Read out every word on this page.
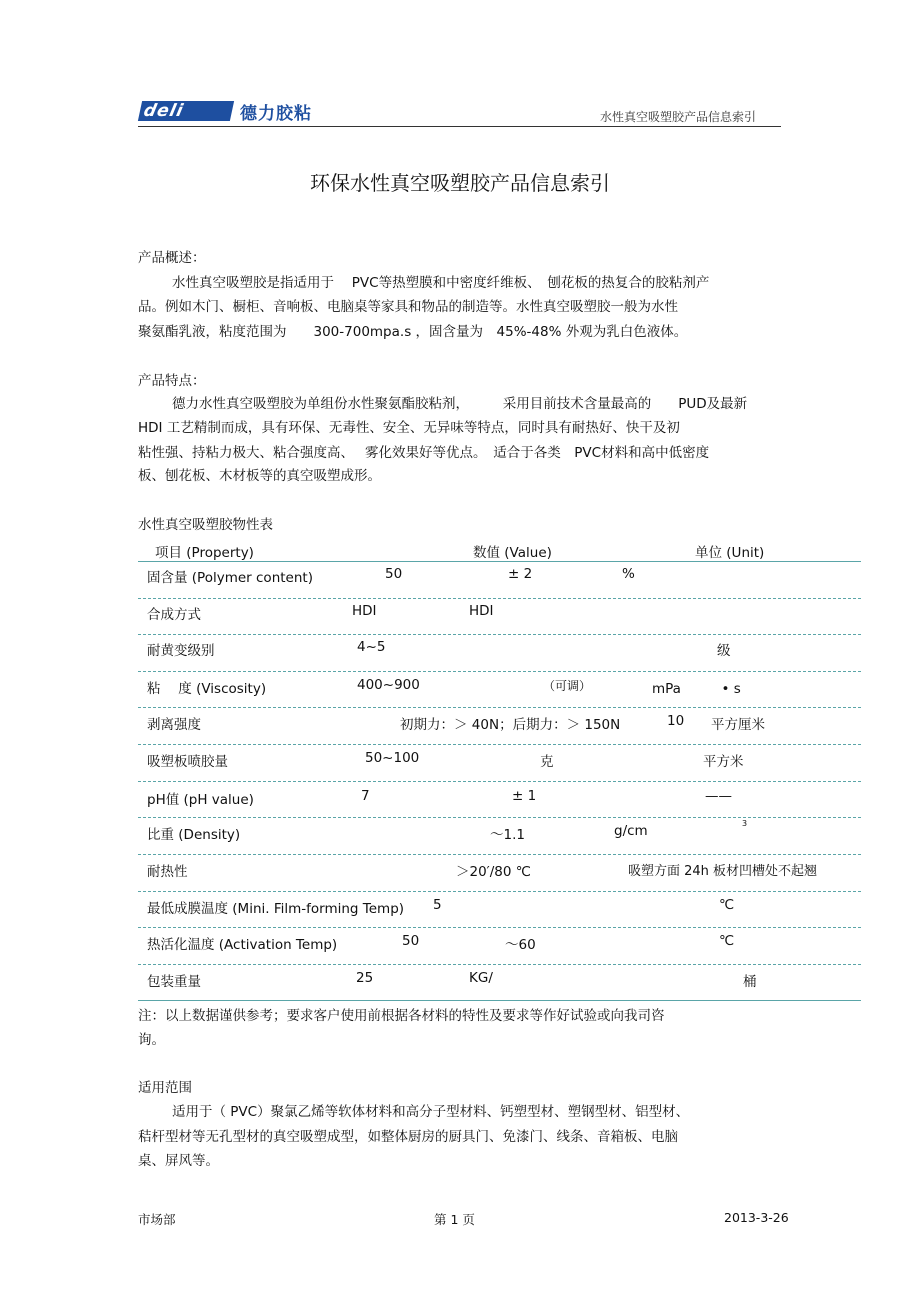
deli	德力胶粘	水性真空吸塑胶产品信息索引
环保水性真空吸塑胶产品信息索引
产品概述：
水性真空吸塑胶是指适用于　 PVC等热塑膜和中密度纤维板、　刨花板的热复合的胶粘剂产
品。例如木门、橱柜、音响板、电脑桌等家具和物品的制造等。水性真空吸塑胶一般为水性
聚氨酯乳液，粘度范围为　　300-700mpa.s ，固含量为　45%-48% 外观为乳白色液体。
产品特点：
德力水性真空吸塑胶为单组份水性聚氨酯胶粘剂，　　　采用目前技术含量最高的　　PUD及最新
HDI 工艺精制而成，具有环保、无毒性、安全、无异味等特点，同时具有耐热好、快干及初
粘性强、持粘力极大、粘合强度高、　 雾化效果好等优点。　适合于各类　PVC材料和高中低密度
板、刨花板、木材板等的真空吸塑成形。
水性真空吸塑胶物性表
项目 (Property)	数值 (Value)	单位 (Unit)
固含量 (Polymer content)	50	± 2	%
合成方式	HDI	HDI
耐黄变级别	4~5	级
粘　 度 (Viscosity)	400~900	（可调）	mPa　　　• s
剥离强度	初期力：＞ 40N；后期力：＞ 150N	10 平方厘米
吸塑板喷胶量	50~100	克	平方米
pH值 (pH value)	7	± 1	——
比重 (Density)	～1.1	g/cm	3
耐热性	＞20′/80 ℃	吸塑方面 24h 板材凹槽处不起翘
最低成膜温度 (Mini. Film-forming Temp) 5	℃
热活化温度 (Activation Temp)	50	～60	℃
包装重量	25	KG/	桶
注：以上数据谨供参考；要求客户使用前根据各材料的特性及要求等作好试验或向我司咨
询。
适用范围
适用于（ PVC）聚氯乙烯等软体材料和高分子型材料、钙塑型材、塑钢型材、铝型材、
秸杆型材等无孔型材的真空吸塑成型，如整体厨房的厨具门、免漆门、线条、音箱板、电脑
桌、屏风等。
市场部	第 1 页	2013-3-26
